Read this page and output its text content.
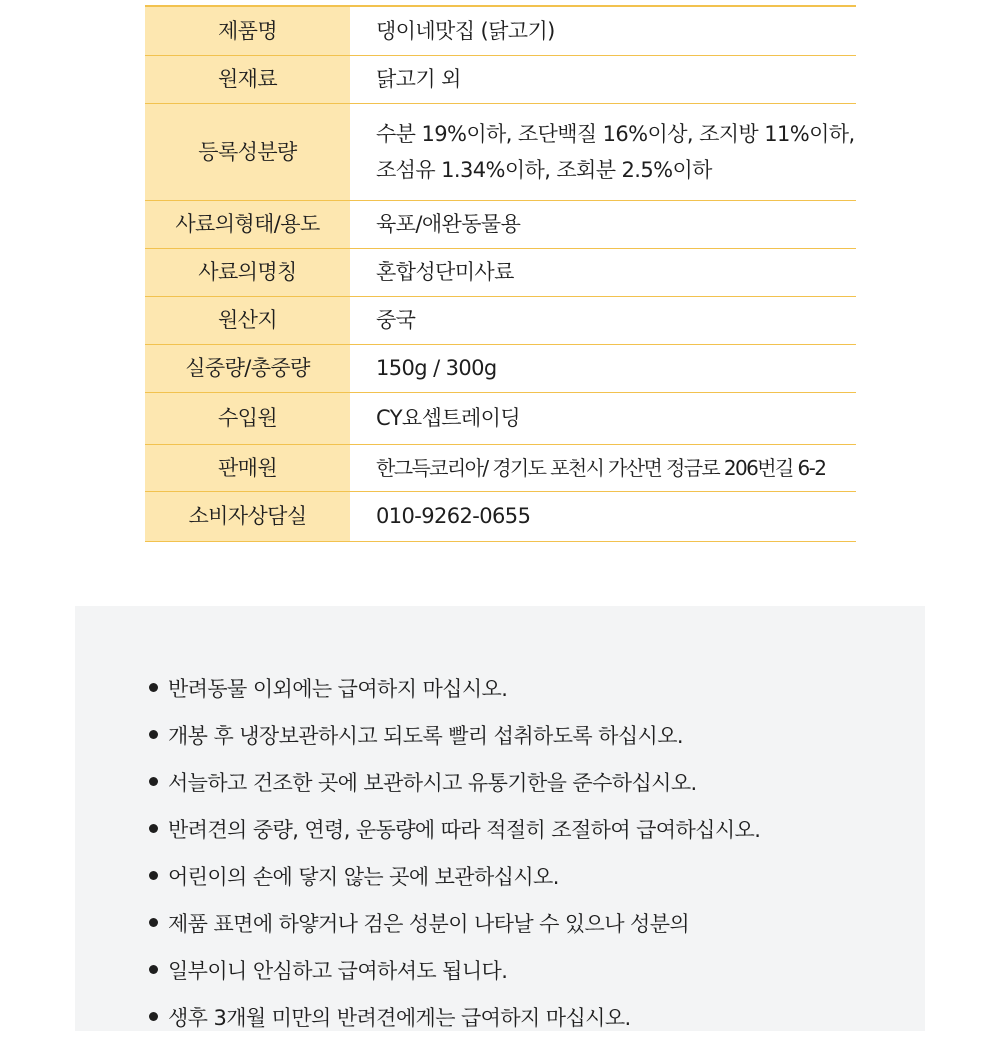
제품명	댕이네맛집 (닭고기)
원재료	닭고기 외
등록성분량	수분 19%이하, 조단백질 16%이상, 조지방 11%이하,
조섬유 1.34%이하, 조회분 2.5%이하

사료의형태/용도	육포/애완동물용
사료의명칭	혼합성단미사료
원산지	중국
실중량/총중량	150g / 300g
수입원	CY요셉트레이딩
판매원	한그득코리아/ 경기도 포천시 가산면 정금로 206번길 6-2
소비자상담실	010-9262-0655
반려동물 이외에는 급여하지 마십시오.
개봉 후 냉장보관하시고 되도록 빨리 섭취하도록 하십시오.
서늘하고 건조한 곳에 보관하시고 유통기한을 준수하십시오.
반려견의 중량, 연령, 운동량에 따라 적절히 조절하여 급여하십시오.
어린이의 손에 닿지 않는 곳에 보관하십시오.
제품 표면에 하얗거나 검은 성분이 나타날 수 있으나 성분의
일부이니 안심하고 급여하셔도 됩니다.
생후 3개월 미만의 반려견에게는 급여하지 마십시오.
